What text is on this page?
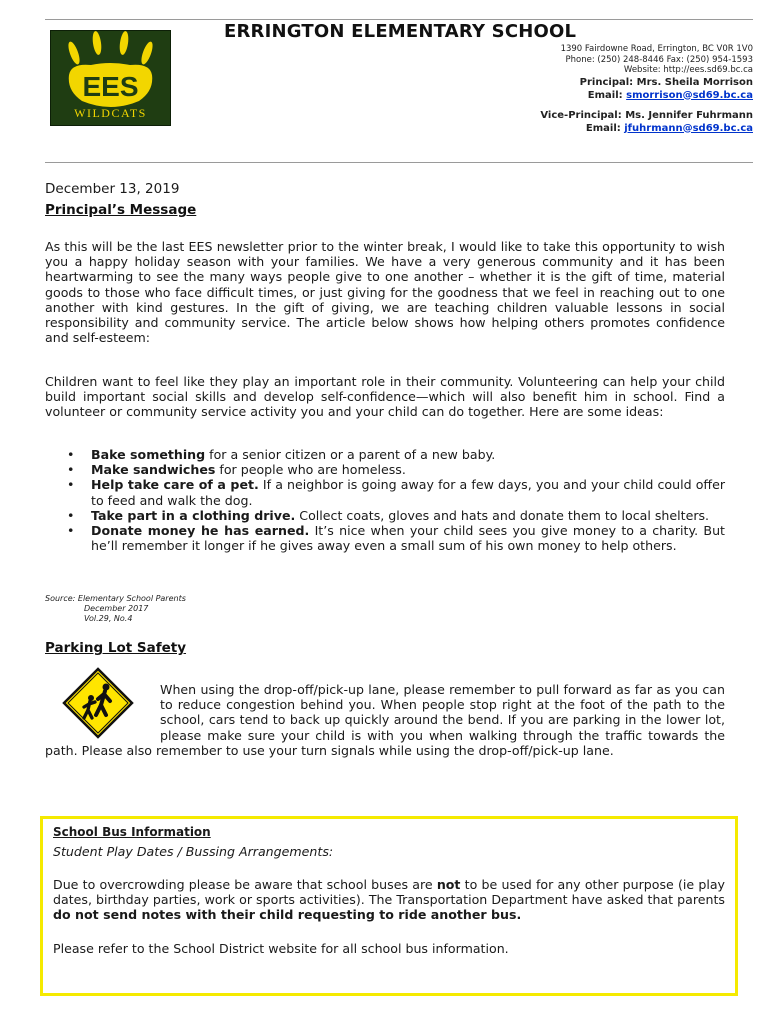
EES
WILDCATS
ERRINGTON ELEMENTARY SCHOOL
1390 Fairdowne Road, Errington, BC V0R 1V0
Phone: (250) 248-8446 Fax: (250) 954-1593
Website: http://ees.sd69.bc.ca
Principal: Mrs. Sheila Morrison
Email: smorrison@sd69.bc.ca
Vice-Principal: Ms. Jennifer Fuhrmann
Email: jfuhrmann@sd69.bc.ca
December 13, 2019
Principal’s Message
As this will be the last EES newsletter prior to the winter break, I would like to take this opportunity to wish you a happy holiday season with your families. We have a very generous community and it has been heartwarming to see the many ways people give to one another – whether it is the gift of time, material goods to those who face difficult times, or just giving for the goodness that we feel in reaching out to one another with kind gestures. In the gift of giving, we are teaching children valuable lessons in social responsibility and community service. The article below shows how helping others promotes confidence and self-esteem:
Children want to feel like they play an important role in their community. Volunteering can help your child build important social skills and develop self-confidence—which will also benefit him in school. Find a volunteer or community service activity you and your child can do together. Here are some ideas:
• Bake something for a senior citizen or a parent of a new baby.
• Make sandwiches for people who are homeless.
• Help take care of a pet. If a neighbor is going away for a few days, you and your child could offer to feed and walk the dog.
• Take part in a clothing drive. Collect coats, gloves and hats and donate them to local shelters.
• Donate money he has earned. It’s nice when your child sees you give money to a charity. But he’ll remember it longer if he gives away even a small sum of his own money to help others.
Source: Elementary School Parents
December 2017
Vol.29, No.4
Parking Lot Safety
When using the drop-off/pick-up lane, please remember to pull forward as far as you can to reduce congestion behind you. When people stop right at the foot of the path to the school, cars tend to back up quickly around the bend. If you are parking in the lower lot, please make sure your child is with you when walking through the traffic towards the path. Please also remember to use your turn signals while using the drop-off/pick-up lane.
School Bus Information
Student Play Dates / Bussing Arrangements:
Due to overcrowding please be aware that school buses are not to be used for any other purpose (ie play dates, birthday parties, work or sports activities). The Transportation Department have asked that parents do not send notes with their child requesting to ride another bus.
Please refer to the School District website for all school bus information.
